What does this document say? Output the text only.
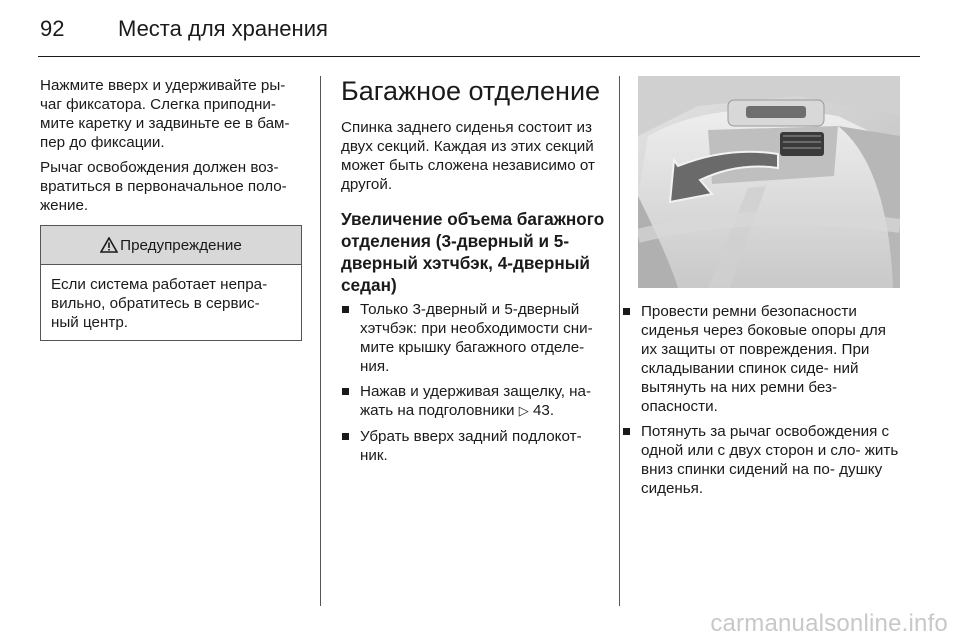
92 Места для хранения

Нажмите вверх и удерживайте ры- чаг фиксатора. Слегка приподни- мите каретку и задвиньте ее в бам- пер до фиксации.

Рычаг освобождения должен воз- вратиться в первоначальное поло- жение.

Предупреждение

Если система работает непра- вильно, обратитесь в сервис- ный центр.

Багажное отделение

Спинка заднего сиденья состоит из двух секций. Каждая из этих секций может быть сложена независимо от другой.

Увеличение объема багажного отделения (3-дверный и 5-дверный хэтчбэк, 4-дверный седан)
Только 3-дверный и 5-дверный хэтчбэк: при необходимости сни- мите крышку багажного отделе- ния.
Нажав и удерживая защелку, на- жать на подголовники ▷ 43.
Убрать вверх задний подлокот- ник.
Провести ремни безопасности сиденья через боковые опоры для их защиты от повреждения. При складывании спинок сиде- ний вытянуть на них ремни без- опасности.
Потянуть за рычаг освобождения с одной или с двух сторон и сло- жить вниз спинки сидений на по- душку сиденья.
carmanualsonline.info
